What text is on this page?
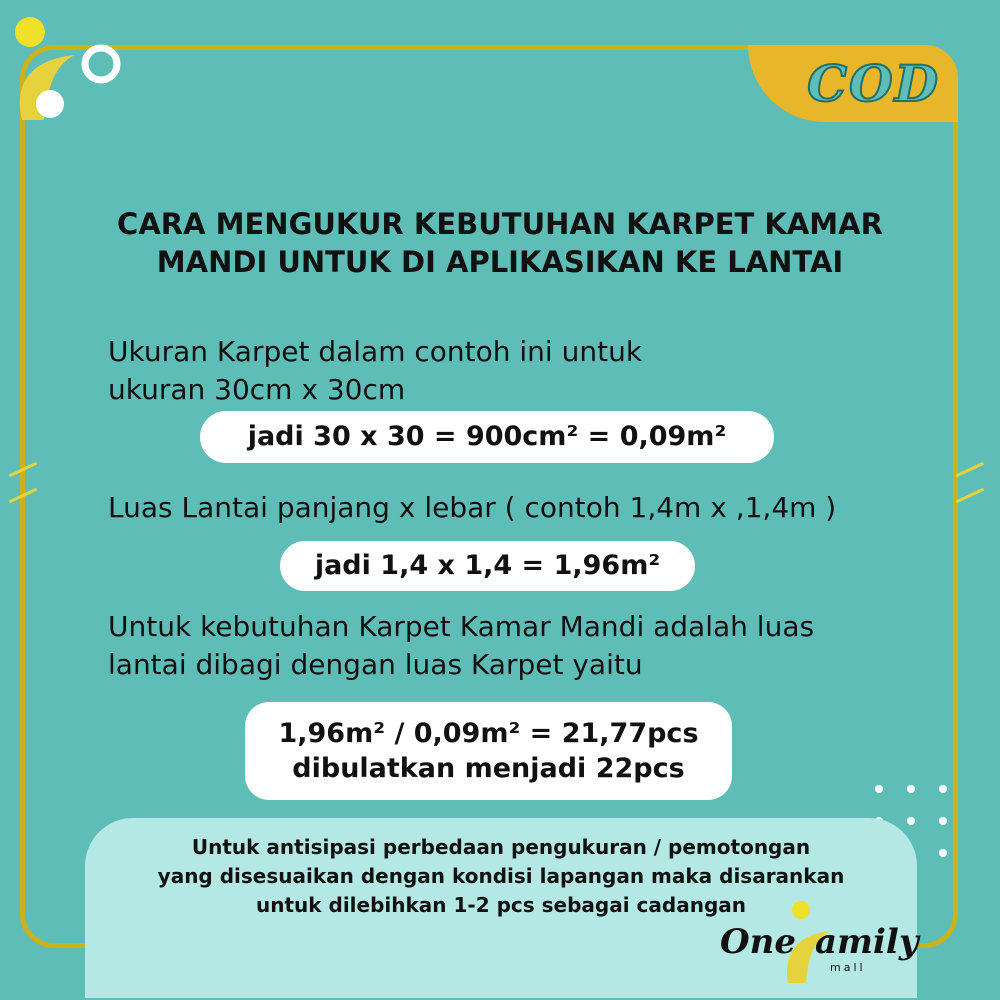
COD
CARA MENGUKUR KEBUTUHAN KARPET KAMAR
MANDI UNTUK DI APLIKASIKAN KE LANTAI
Ukuran Karpet dalam contoh ini untuk
ukuran 30cm x 30cm
jadi 30 x 30 = 900cm² = 0,09m²
Luas Lantai panjang x lebar ( contoh 1,4m x ,1,4m )
jadi 1,4 x 1,4 = 1,96m²
Untuk kebutuhan Karpet Kamar Mandi adalah luas
lantai dibagi dengan luas Karpet yaitu
1,96m² / 0,09m² = 21,77pcs
dibulatkan menjadi 22pcs
Untuk antisipasi perbedaan pengukuran / pemotongan
yang disesuaikan dengan kondisi lapangan maka disarankan
untuk dilebihkan 1-2 pcs sebagai cadangan
One amily
mall
